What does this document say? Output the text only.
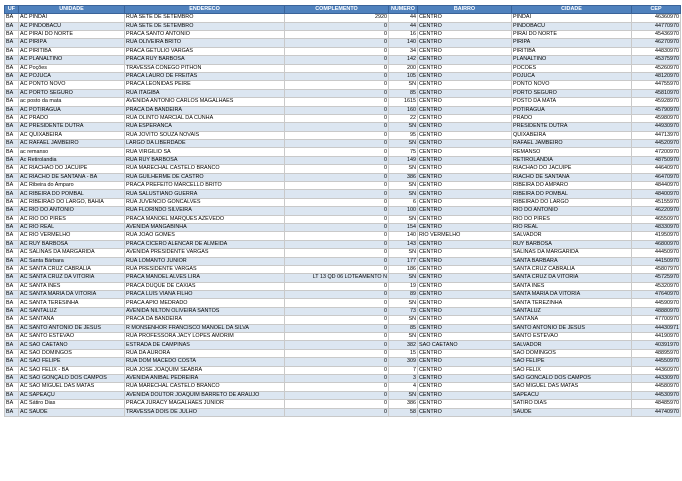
UF	UNIDADE	ENDERECO	COMPLEMENTO	NUMERO	BAIRRO	CIDADE	CEP
BA	AC PINDAI	RUA SETE DE SETEMBRO	2920	44	CENTRO	PINDAI	46360970
BA	AC PINDOBACU	RUA SETE DE SETEMBRO	0	44	CENTRO	PINDOBACU	44770970
BA	AC PIRAI DO NORTE	PRACA SANTO ANTONIO	0	16	CENTRO	PIRAI DO NORTE	45436970
BA	AC PIRIPÁ	RUA OLIVEIRA BRITO	0	140	CENTRO	PIRIPA	46270970
BA	AC PIRITIBA	PRACA GETULIO VARGAS	0	34	CENTRO	PIRITIBA	44830970
BA	AC PLANALTINO	PRACA RUY BARBOSA	0	142	CENTRO	PLANALTINO	45375970
BA	AC Poções	TRAVESSA CONEGO PITHON	0	200	CENTRO	POCOES	45260970
BA	AC POJUCA	PRACA LAURO DE FREITAS	0	105	CENTRO	POJUCA	48120970
BA	AC PONTO NOVO	PRACA LEONIDAS PEIRE	0	SN	CENTRO	PONTO NOVO	44755970
BA	AC PORTO SEGURO	RUA ITAGIBA	0	85	CENTRO	PORTO SEGURO	45810970
BA	ac posto da mata	AVENIDA ANTONIO CARLOS MAGALHAES	0	1615	CENTRO	POSTO DA MATA	45928970
BA	AC POTIRAGUÁ	PRACA DA BANDEIRA	0	160	CENTRO	POTIRAGUA	45790970
BA	AC PRADO	RUA OLINTO MARCIAL DA CUNHA	0	22	CENTRO	PRADO	45980970
BA	AC PRESIDENTE DUTRA	RUA ESPERANCA	0	SN	CENTRO	PRESIDENTE DUTRA	44930970
BA	AC QUIXABEIRA	RUA JOVITO SOUZA NOVAIS	0	95	CENTRO	QUIXABEIRA	44713970
BA	AC RAFAEL JAMBEIRO	LARGO DA LIBERDADE	0	SN	CENTRO	RAFAEL JAMBEIRO	44520970
BA	ac remanso	RUA VIRGILIO SA	0	75	CENTRO	REMANSO	47200970
BA	Ac Retirolandia	RUA RUY BARBOSA	0	149	CENTRO	RETIROLANDIA	48750970
BA	AC RIACHÃO DO JACUÍPE	RUA MARECHAL CASTELO BRANCO	0	SN	CENTRO	RIACHAO DO JACUIPE	44640970
BA	AC RIACHO DE SANTANA - BA	RUA GUILHERME DE CASTRO	0	386	CENTRO	RIACHO DE SANTANA	46470970
BA	AC Ribeira do Amparo	PRACA PREFEITO MARCELLO BRITO	0	SN	CENTRO	RIBEIRA DO AMPARO	48440970
BA	AC RIBEIRA DO POMBAL	RUA SALUSTIANO GUERRA	0	SN	CENTRO	RIBEIRA DO POMBAL	48400970
BA	AC RIBEIRÃO DO LARGO, BAHIA	RUA JUVENCIO GONCALVES	0	6	CENTRO	RIBEIRAO DO LARGO	45155970
BA	AC RIO DO ANTONIO	RUA FLORINDO SILVEIRA	0	100	CENTRO	RIO DO ANTONIO	46220970
BA	AC RIO DO PIRES	PRACA MANOEL MARQUES AZEVEDO	0	SN	CENTRO	RIO DO PIRES	46550970
BA	AC RIO REAL	AVENIDA MANGABINHA	0	154	CENTRO	RIO REAL	48330970
BA	AC RIO VERMELHO	RUA JOAO GOMES	0	140	RIO VERMELHO	SALVADOR	41950970
BA	AC RUY BARBOSA	PRACA CICERO ALENCAR DE ALMEIDA	0	143	CENTRO	RUY BARBOSA	46800970
BA	AC SALINAS DA MARGARIDA	AVENIDA PRESIDENTE VARGAS	0	SN	CENTRO	SALINAS DA MARGARIDA	44450970
BA	AC Santa Bárbara	RUA LOMANTO JUNIOR	0	177	CENTRO	SANTA BARBARA	44150970
BA	AC SANTA CRUZ CABRALIA	RUA PRESIDENTE VARGAS	0	186	CENTRO	SANTA CRUZ CABRALIA	45807970
BA	AC SANTA CRUZ DA VITORIA	PRACA MANOEL ALVES LIRA	LT 13 QD 06 LOTEAMENTO N	SN	CENTRO	SANTA CRUZ DA VITORIA	45725970
BA	AC SANTA INÊS	PRACA DUQUE DE CAXIAS	0	19	CENTRO	SANTA INES	45320970
BA	AC SANTA MARIA DA VITORIA	PRACA LUIS VIANA FILHO	0	89	CENTRO	SANTA MARIA DA VITORIA	47640970
BA	AC SANTA TERESINHA	PRACA APIO MEDRADO	0	SN	CENTRO	SANTA TEREZINHA	44590970
BA	AC SANTALUZ	AVENIDA NILTON OLIVEIRA SANTOS	0	73	CENTRO	SANTALUZ	48880970
BA	AC SANTANA	PRACA DA BANDEIRA	0	SN	CENTRO	SANTANA	47700970
BA	AC SANTO ANTONIO DE JESUS	R MONSENHOR FRANCISCO MANOEL DA SILVA	0	85	CENTRO	SANTO ANTONIO DE JESUS	44430971
BA	AC SANTO ESTEVAO	RUA PROFESSORA JACY LOPES AMORIM	0	SN	CENTRO	SANTO ESTEVAO	44190970
BA	AC SAO CAETANO	ESTRADA DE CAMPINAS	0	382	SAO CAETANO	SALVADOR	40391970
BA	AC SAO DOMINGOS	RUA DA AURORA	0	15	CENTRO	SAO DOMINGOS	48895970
BA	AC SÃO FELIPE	RUA DOM MACEDO COSTA	0	309	CENTRO	SAO FELIPE	44550970
BA	AC SÃO FÉLIX - BA	RUA JOSE JOAQUIM SEABRA	0	7	CENTRO	SAO FELIX	44360970
BA	AC SÃO GONÇALO DOS CAMPOS	AVENIDA ANIBAL PEDREIRA	0	3	CENTRO	SAO GONCALO DOS CAMPOS	44330970
BA	AC SÃO MIGUEL DAS MATAS	RUA MARECHAL CASTELO BRANCO	0	4	CENTRO	SAO MIGUEL DAS MATAS	44580970
BA	AC SAPEAÇU	AVENIDA DOUTOR JOAQUIM BARRETO DE ARAUJO	0	SN	CENTRO	SAPEACU	44530970
BA	AC Sátiro Dias	PRACA JURACY MAGALHAES JUNIOR	0	386	CENTRO	SATIRO DIAS	48485970
BA	AC SAUDE	TRAVESSA DOIS DE JULHO	0	58	CENTRO	SAUDE	44740970
